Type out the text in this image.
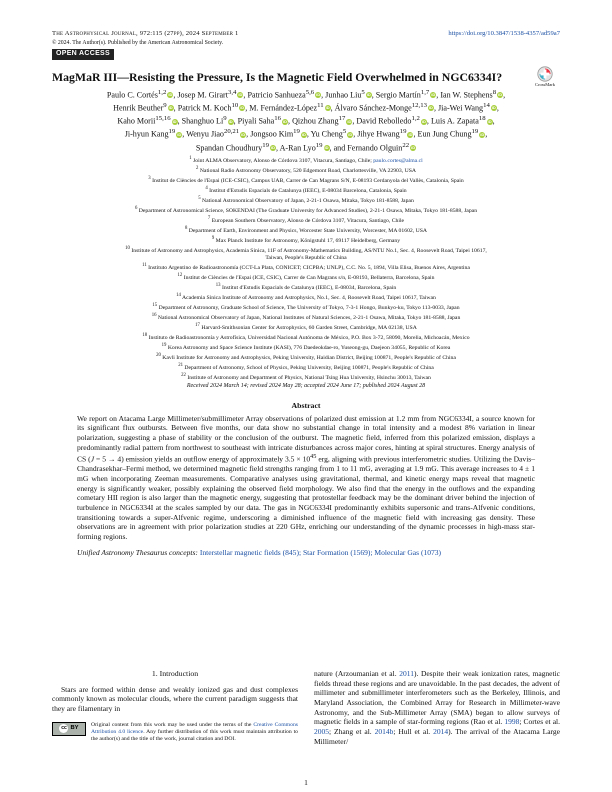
The Astrophysical Journal, 972:115 (27pp), 2024 September 1	https://doi.org/10.3847/1538-4357/ad59a7
© 2024. The Author(s). Published by the American Astronomical Society.
OPEN ACCESS
CrossMark
MagMaR III—Resisting the Pressure, Is the Magnetic Field Overwhelmed in NGC6334I?
Paulo C. Cortés$^{1,2}$ iD, Josep M. Girart$^{3,4}$ iD, Patricio Sanhueza$^{5,6}$ iD, Junhao Liu$^5$ iD, Sergio Martín$^{1,7}$ iD, Ian W. Stephens$^8$ iD,
Henrik Beuther$^9$ iD, Patrick M. Koch$^{10}$ iD, M. Fernández-López$^{11}$ iD, Álvaro Sánchez-Monge$^{12,13}$ iD, Jia-Wei Wang$^{14}$ iD,
Kaho Morii$^{15,16}$ iD, Shanghuo Li$^9$ iD, Piyali Saha$^{16}$ iD, Qizhou Zhang$^{17}$ iD, David Rebolledo$^{1,2}$ iD, Luis A. Zapata$^{18}$ iD,
Ji-hyun Kang$^{19}$ iD, Wenyu Jiao$^{20,21}$ iD, Jongsoo Kim$^{19}$ iD, Yu Cheng$^5$ iD, Jihye Hwang$^{19}$ iD, Eun Jung Chung$^{19}$ iD,
Spandan Choudhury$^{19}$ iD, A-Ran Lyo$^{19}$ iD, and Fernando Olguin$^{22}$ iD
$^1$ Joint ALMA Observatory, Alonso de Córdova 3107, Vitacura, Santiago, Chile; paulo.cortes@alma.cl
$^2$ National Radio Astronomy Observatory, 520 Edgemont Road, Charlottesville, VA 22903, USA
$^3$ Institut de Ciències de l'Espai (ICE-CSIC), Campus UAB, Carrer de Can Magrans S/N, E-08193 Cerdanyola del Vallès, Catalonia, Spain
$^4$ Institut d'Estudis Espacials de Catalunya (IEEC), E-08034 Barcelona, Catalonia, Spain
$^5$ National Astronomical Observatory of Japan, 2-21-1 Osawa, Mitaka, Tokyo 181-8588, Japan
$^6$ Department of Astronomical Science, SOKENDAI (The Graduate University for Advanced Studies), 2-21-1 Osawa, Mitaka, Tokyo 181-8588, Japan
$^7$ European Southern Observatory, Alonso de Córdova 3107, Vitacura, Santiago, Chile
$^8$ Department of Earth, Environment and Physics, Worcester State University, Worcester, MA 01602, USA
$^9$ Max Planck Institute for Astronomy, Königstuhl 17, 69117 Heidelberg, Germany
$^{10}$ Institute of Astronomy and Astrophysics, Academia Sinica, 11F of Astronomy-Mathematics Building, AS/NTU No.1, Sec. 4, Roosevelt Road, Taipei 10617,
Taiwan, People's Republic of China
$^{11}$ Instituto Argentino de Radioastronomía (CCT-La Plata, CONICET; CICPBA; UNLP), C.C. No. 5, 1894, Villa Elisa, Buenos Aires, Argentina
$^{12}$ Institut de Ciències de l'Espai (ICE, CSIC), Carrer de Can Magrans s/n, E-08193, Bellaterra, Barcelona, Spain
$^{13}$ Institut d'Estudis Espacials de Catalunya (IEEC), E-08034, Barcelona, Spain
$^{14}$ Academia Sinica Institute of Astronomy and Astrophysics, No.1, Sec. 4, Roosevelt Road, Taipei 10617, Taiwan
$^{15}$ Department of Astronomy, Graduate School of Science, The University of Tokyo, 7-3-1 Hongo, Bunkyo-ku, Tokyo 113-0033, Japan
$^{16}$ National Astronomical Observatory of Japan, National Institutes of Natural Sciences, 2-21-1 Osawa, Mitaka, Tokyo 181-8588, Japan
$^{17}$ Harvard-Smithsonian Center for Astrophysics, 60 Garden Street, Cambridge, MA 02138, USA
$^{18}$ Instituto de Radioastronomía y Astrofísica, Universidad Nacional Autónoma de México, P.O. Box 3-72, 58090, Morelia, Michoacán, Mexico
$^{19}$ Korea Astronomy and Space Science Institute (KASI), 776 Daedeokdae-ro, Yuseong-gu, Daejeon 34055, Republic of Korea
$^{20}$ Kavli Institute for Astronomy and Astrophysics, Peking University, Haidian District, Beijing 100871, People's Republic of China
$^{21}$ Department of Astronomy, School of Physics, Peking University, Beijing 100871, People's Republic of China
$^{22}$ Institute of Astronomy and Department of Physics, National Tsing Hua University, Hsinchu 30013, Taiwan
Received 2024 March 14; revised 2024 May 28; accepted 2024 June 17; published 2024 August 28
Abstract
We report on Atacama Large Millimeter/submillimeter Array observations of polarized dust emission at 1.2 mm from NGC6334I, a source known for its significant flux outbursts. Between five months, our data show no substantial change in total intensity and a modest 8% variation in linear polarization, suggesting a phase of stability or the conclusion of the outburst. The magnetic field, inferred from this polarized emission, displays a predominantly radial pattern from northwest to southeast with intricate disturbances across major cores, hinting at spiral structures. Energy analysis of CS (J = 5 → 4) emission yields an outflow energy of approximately $3.5 \times 10^{45}$ erg, aligning with previous interferometric studies. Utilizing the Davis–Chandrasekhar–Fermi method, we determined magnetic field strengths ranging from 1 to 11 mG, averaging at 1.9 mG. This average increases to 4 ± 1 mG when incorporating Zeeman measurements. Comparative analyses using gravitational, thermal, and kinetic energy maps reveal that magnetic energy is significantly weaker, possibly explaining the observed field morphology. We also find that the energy in the outflows and the expanding cometary HII region is also larger than the magnetic energy, suggesting that protostellar feedback may be the dominant driver behind the injection of turbulence in NGC6334I at the scales sampled by our data. The gas in NGC6334I predominantly exhibits supersonic and trans-Alfvenic conditions, transitioning towards a super-Alfvenic regime, underscoring a diminished influence of the magnetic field with increasing gas density. These observations are in agreement with prior polarization studies at 220 GHz, enriching our understanding of the dynamic processes in high-mass star-forming regions.
Unified Astronomy Thesaurus concepts: Interstellar magnetic fields (845); Star Formation (1569); Molecular Gas (1073)
1. Introduction

Stars are formed within dense and weakly ionized gas and dust complexes commonly known as molecular clouds, where the current paradigm suggests that they are filamentary in

cc BY
Original content from this work may be used under the terms of the Creative Commons Attribution 4.0 licence. Any further distribution of this work must maintain attribution to the author(s) and the title of the work, journal citation and DOI.

nature (Arzoumanian et al. 2011). Despite their weak ionization rates, magnetic fields thread these regions and are unavoidable. In the past decades, the advent of millimeter and submillimeter interferometers such as the Berkeley, Illinois, and Maryland Association, the Combined Array for Research in Millimeter-wave Astronomy, and the Sub-Millimeter Array (SMA) began to allow surveys of magnetic fields in a sample of star-forming regions (Rao et al. 1998; Cortes et al. 2005; Zhang et al. 2014b; Hull et al. 2014). The arrival of the Atacama Large Millimeter/

1
